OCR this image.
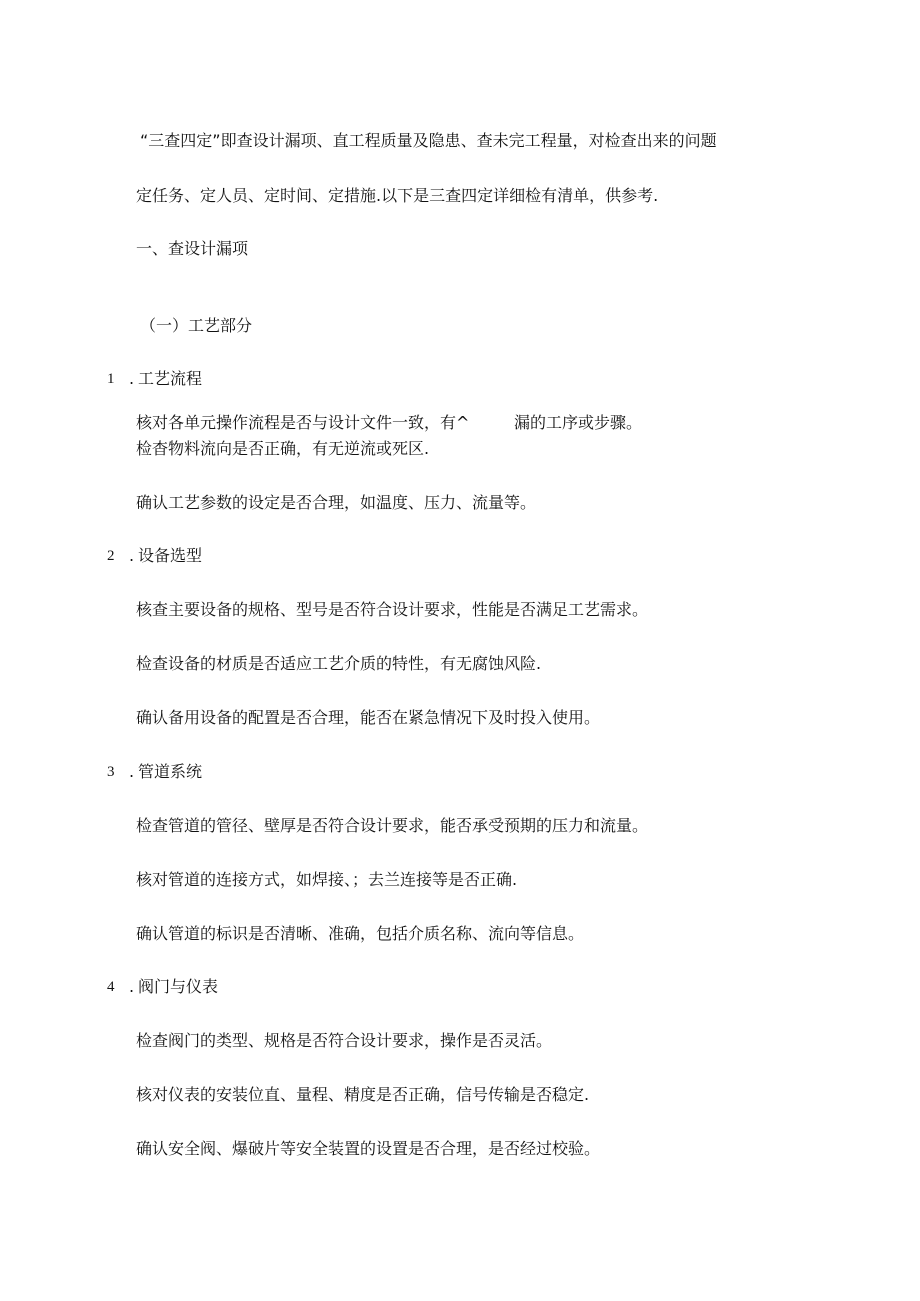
“三查四定”即查设计漏项、直工程质量及隐患、查未完工程量，对检查出来的问题

定任务、定人员、定时间、定措施.以下是三查四定详细检有清单，供参考.

一、查设计漏项

（一）工艺部分

1 . 工艺流程

核对各单元操作流程是否与设计文件一致，有^	漏的工序或步骤。

检杳物料流向是否正确，有无逆流或死区.

确认工艺参数的设定是否合理，如温度、压力、流量等。

2 . 设备选型

核查主要设备的规格、型号是否符合设计要求，性能是否满足工艺需求。

检查设备的材质是否适应工艺介质的特性，有无腐蚀风险.

确认备用设备的配置是否合理，能否在紧急情况下及时投入使用。

3 . 管道系统

检查管道的管径、壁厚是否符合设计要求，能否承受预期的压力和流量。

核对管道的连接方式，如焊接、；去兰连接等是否正确.

确认管道的标识是否清晰、准确，包括介质名称、流向等信息。

4 . 阀门与仪表

检查阀门的类型、规格是否符合设计要求，操作是否灵活。

核对仪表的安装位直、量程、精度是否正确，信号传输是否稳定.

确认安全阀、爆破片等安全装置的设置是否合理，是否经过校验。
